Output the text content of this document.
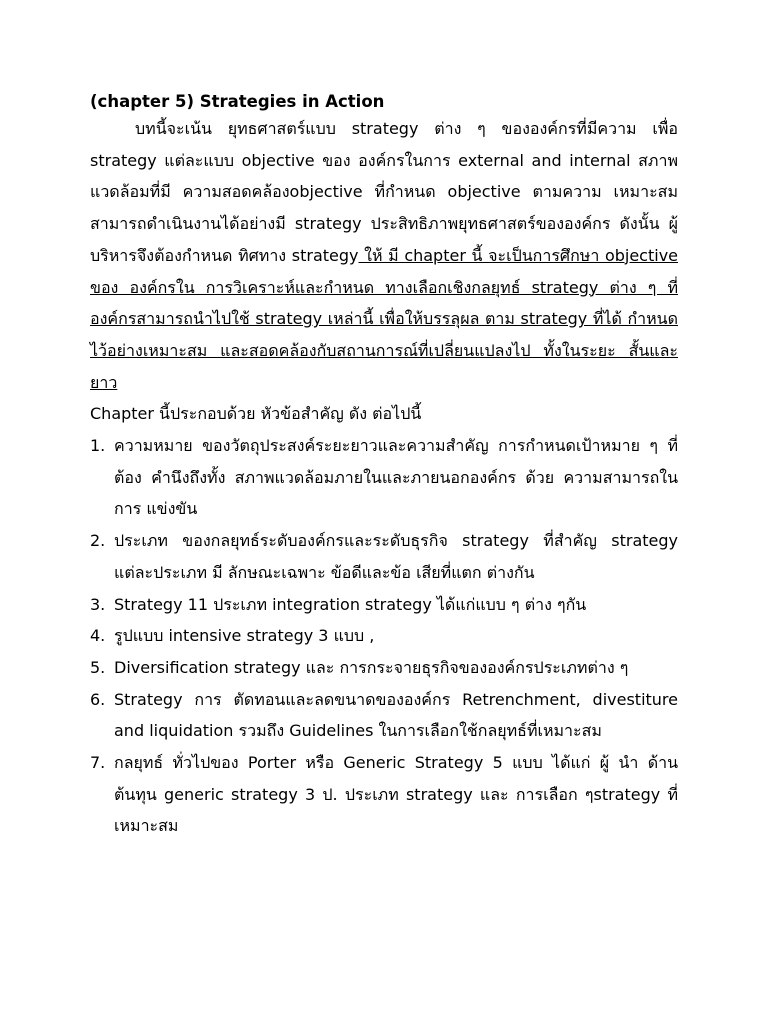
(chapter 5) Strategies in Action

บทนี้จะเน้น ยุทธศาสตร์แบบ strategy ต่าง ๆ ขององค์กรที่มีความ เพื่อ strategy แต่ละแบบ objective ของ องค์กรในการ external and internal สภาพแวดล้อมที่มี ความสอดคล้องobjective ที่กำหนด objective ตามความ เหมาะสมสามารถดำเนินงานได้อย่างมี strategy ประสิทธิภาพยุทธศาสตร์ขององค์กร ดังนั้น ผู้บริหารจึงต้องกำหนด ทิศทาง strategy ให้ มี chapter นี้ จะเป็นการศึกษา objective ของ องค์กรใน การวิเคราะห์และกำหนด ทางเลือกเชิงกลยุทธ์ strategy ต่าง ๆ ที่องค์กรสามารถนำไปใช้ strategy เหล่านี้ เพื่อให้บรรลุผล ตาม strategy ที่ได้ กำหนดไว้อย่างเหมาะสม และสอดคล้องกับสถานการณ์ที่เปลี่ยนแปลงไป ทั้งในระยะ สั้นและ ยาว

Chapter นี้ประกอบด้วย หัวข้อสำคัญ ดัง ต่อไปนี้

1. ความหมาย ของวัตถุประสงค์ระยะยาวและความสำคัญ การกำหนดเป้าหมาย ๆ ที่ ต้อง คำนึงถึงทั้ง สภาพแวดล้อมภายในและภายนอกองค์กร ด้วย ความสามารถในการ แข่งขัน
2. ประเภท ของกลยุทธ์ระดับองค์กรและระดับธุรกิจ strategy ที่สำคัญ strategy แต่ละประเภท มี ลักษณะเฉพาะ ข้อดีและข้อ เสียที่แตก ต่างกัน
3. Strategy 11 ประเภท integration strategy ได้แก่แบบ ๆ ต่าง ๆกัน
4. รูปแบบ intensive strategy 3 แบบ ,
5. Diversification strategy และ การกระจายธุรกิจขององค์กรประเภทต่าง ๆ
6. Strategy การ ตัดทอนและลดขนาดขององค์กร Retrenchment, divestiture and liquidation รวมถึง Guidelines ในการเลือกใช้กลยุทธ์ที่เหมาะสม
7. กลยุทธ์ ทั่วไปของ Porter หรือ Generic Strategy 5 แบบ ได้แก่ ผู้ นำ ด้าน ต้นทุน generic strategy 3 ป. ประเภท strategy และ การเลือก ๆstrategy ที่เหมาะสม
